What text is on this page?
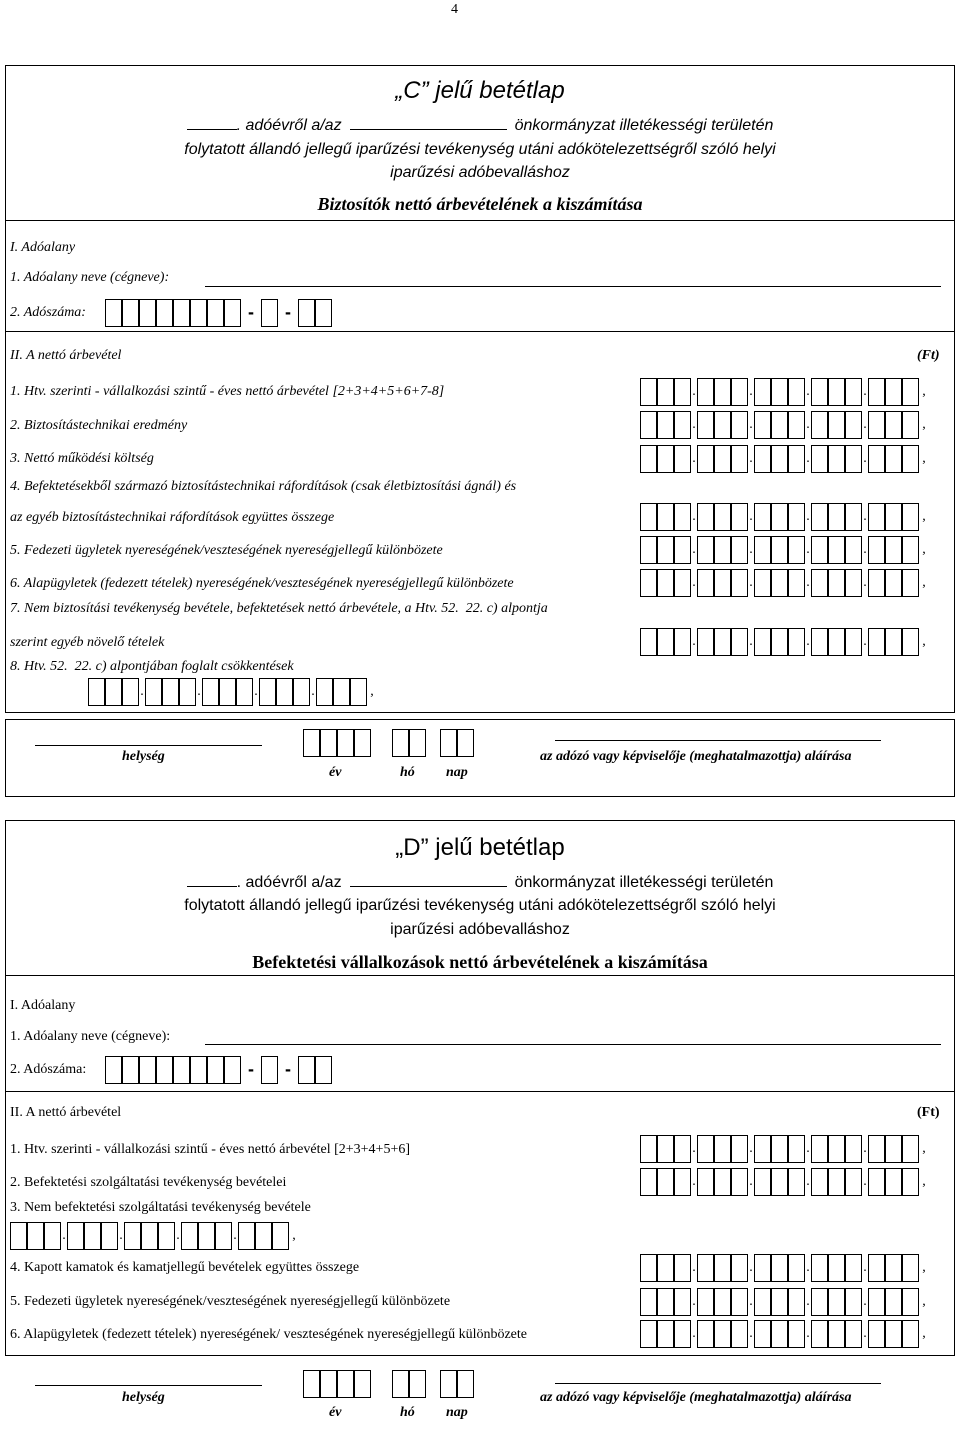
4
„C” jelű betétlap
. adóévről a/az	önkormányzat illetékességi területén
folytatott állandó jellegű iparűzési tevékenység utáni adókötelezettségről szóló helyi
iparűzési adóbevalláshoz
Biztosítók nettó árbevételének a kiszámítása
I. Adóalany
1. Adóalany neve (cégneve):
2. Adószáma:	-	-
II. A nettó árbevétel	(Ft)
1. Htv. szerinti - vállalkozási szintű - éves nettó árbevétel [2+3+4+5+6+7-8]	.	.	.	.	,
2. Biztosítástechnikai eredmény	.	.	.	.	,
3. Nettó működési költség	.	.	.	.	,
4. Befektetésekből származó biztosítástechnikai ráfordítások (csak életbiztosítási ágnál) és
az egyéb biztosítástechnikai ráfordítások együttes összege	.	.	.	.	,
5. Fedezeti ügyletek nyereségének/veszteségének nyereségjellegű különbözete	.	.	.	.	,
6. Alapügyletek (fedezett tételek) nyereségének/veszteségének nyereségjellegű különbözete	.	.	.	.	,
7. Nem biztosítási tevékenység bevétele, befektetések nettó árbevétele, a Htv. 52.  22. c) alpontja
szerint egyéb növelő tételek	.	.	.	.	,
8. Htv. 52.  22. c) alpontjában foglalt csökkentések
.	.	.	.	,
helység
év	hó nap
az adózó vagy képviselője (meghatalmazottja) aláírása
„D” jelű betétlap
. adóévről a/az	önkormányzat illetékességi területén
folytatott állandó jellegű iparűzési tevékenység utáni adókötelezettségről szóló helyi
iparűzési adóbevalláshoz
Befektetési vállalkozások nettó árbevételének a kiszámítása
I. Adóalany
1. Adóalany neve (cégneve):
2. Adószáma:	-	-
II. A nettó árbevétel	(Ft)
1. Htv. szerinti - vállalkozási szintű - éves nettó árbevétel [2+3+4+5+6]	.	.	.	.	,
2. Befektetési szolgáltatási tevékenység bevételei	.	.	.	.	,
3. Nem befektetési szolgáltatási tevékenység bevétele
.	.	.	.	,
4. Kapott kamatok és kamatjellegű bevételek együttes összege	.	.	.	.	,
5. Fedezeti ügyletek nyereségének/veszteségének nyereségjellegű különbözete	.	.	.	.	,
6. Alapügyletek (fedezett tételek) nyereségének/ veszteségének nyereségjellegű különbözete	.	.	.	.	,
helység
év	hó nap
az adózó vagy képviselője (meghatalmazottja) aláírása
